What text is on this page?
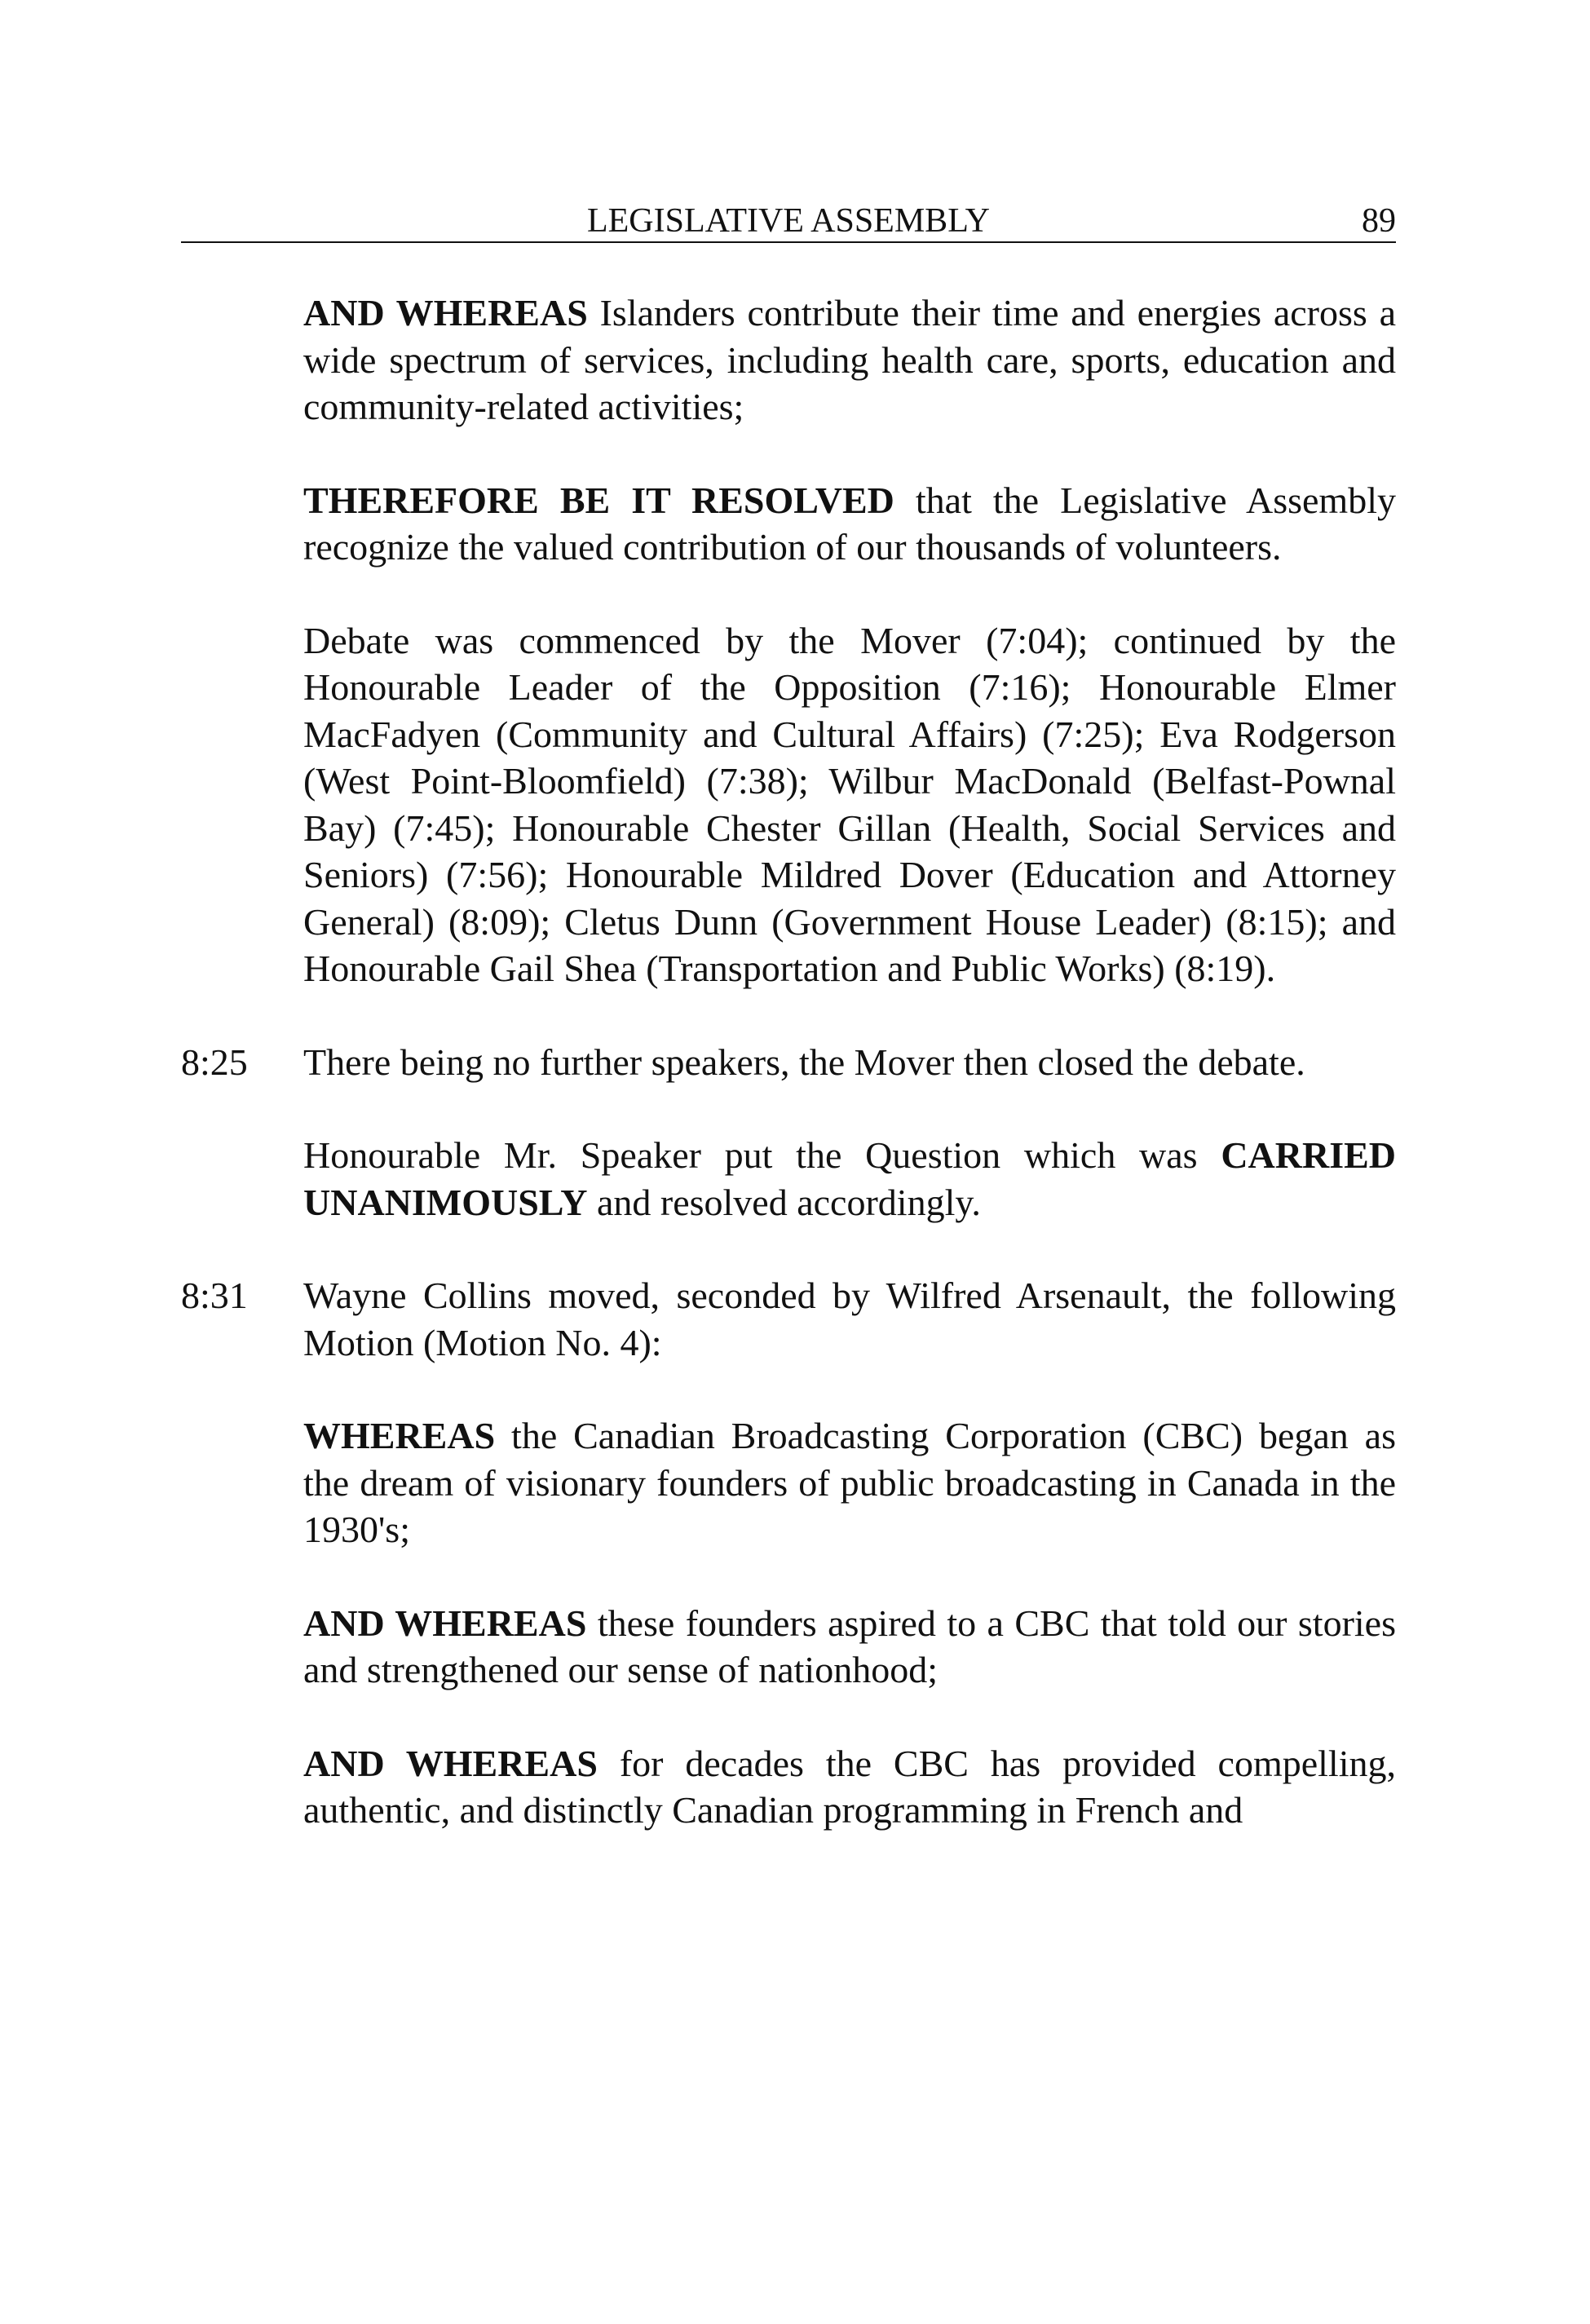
LEGISLATIVE ASSEMBLY	89

AND WHEREAS Islanders contribute their time and energies across a wide spectrum of services, including health care, sports, education and community-related activities;

THEREFORE BE IT RESOLVED that the Legislative Assembly recognize the valued contribution of our thousands of volunteers.

Debate was commenced by the Mover (7:04); continued by the Honourable Leader of the Opposition (7:16); Honourable Elmer MacFadyen (Community and Cultural Affairs) (7:25); Eva Rodgerson (West Point-Bloomfield) (7:38); Wilbur MacDonald (Belfast-Pownal Bay) (7:45); Honourable Chester Gillan (Health, Social Services and Seniors) (7:56); Honourable Mildred Dover (Education and Attorney General) (8:09); Cletus Dunn (Government House Leader) (8:15); and Honourable Gail Shea (Transportation and Public Works) (8:19).

8:25	There being no further speakers, the Mover then closed the debate.

Honourable Mr. Speaker put the Question which was CARRIED UNANIMOUSLY and resolved accordingly.

8:31	Wayne Collins moved, seconded by Wilfred Arsenault, the following Motion (Motion No. 4):

WHEREAS the Canadian Broadcasting Corporation (CBC) began as the dream of visionary founders of public broadcasting in Canada in the 1930's;

AND WHEREAS these founders aspired to a CBC that told our stories and strengthened our sense of nationhood;

AND WHEREAS for decades the CBC has provided compelling, authentic, and distinctly Canadian programming in French and
